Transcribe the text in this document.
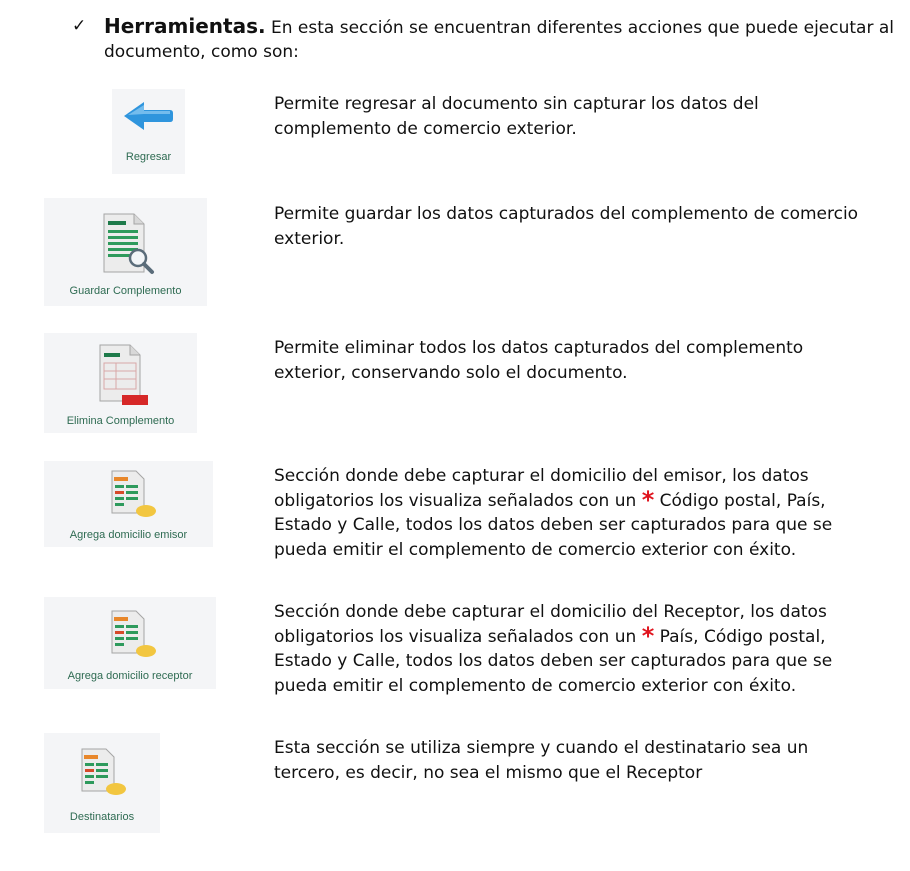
✓ Herramientas. En esta sección se encuentran diferentes acciones que puede ejecutar al documento, como son:
Regresar
Permite regresar al documento sin capturar los datos del complemento de comercio exterior.
Guardar Complemento
Permite guardar los datos capturados del complemento de comercio exterior.
Elimina Complemento
Permite eliminar todos los datos capturados del complemento exterior, conservando solo el documento.
Agrega domicilio emisor
Sección donde debe capturar el domicilio del emisor, los datos obligatorios los visualiza señalados con un * Código postal, País, Estado y Calle, todos los datos deben ser capturados para que se pueda emitir el complemento de comercio exterior con éxito.
Agrega domicilio receptor
Sección donde debe capturar el domicilio del Receptor, los datos obligatorios los visualiza señalados con un * País, Código postal, Estado y Calle, todos los datos deben ser capturados para que se pueda emitir el complemento de comercio exterior con éxito.
Destinatarios
Esta sección se utiliza siempre y cuando el destinatario sea un tercero, es decir, no sea el mismo que el Receptor
